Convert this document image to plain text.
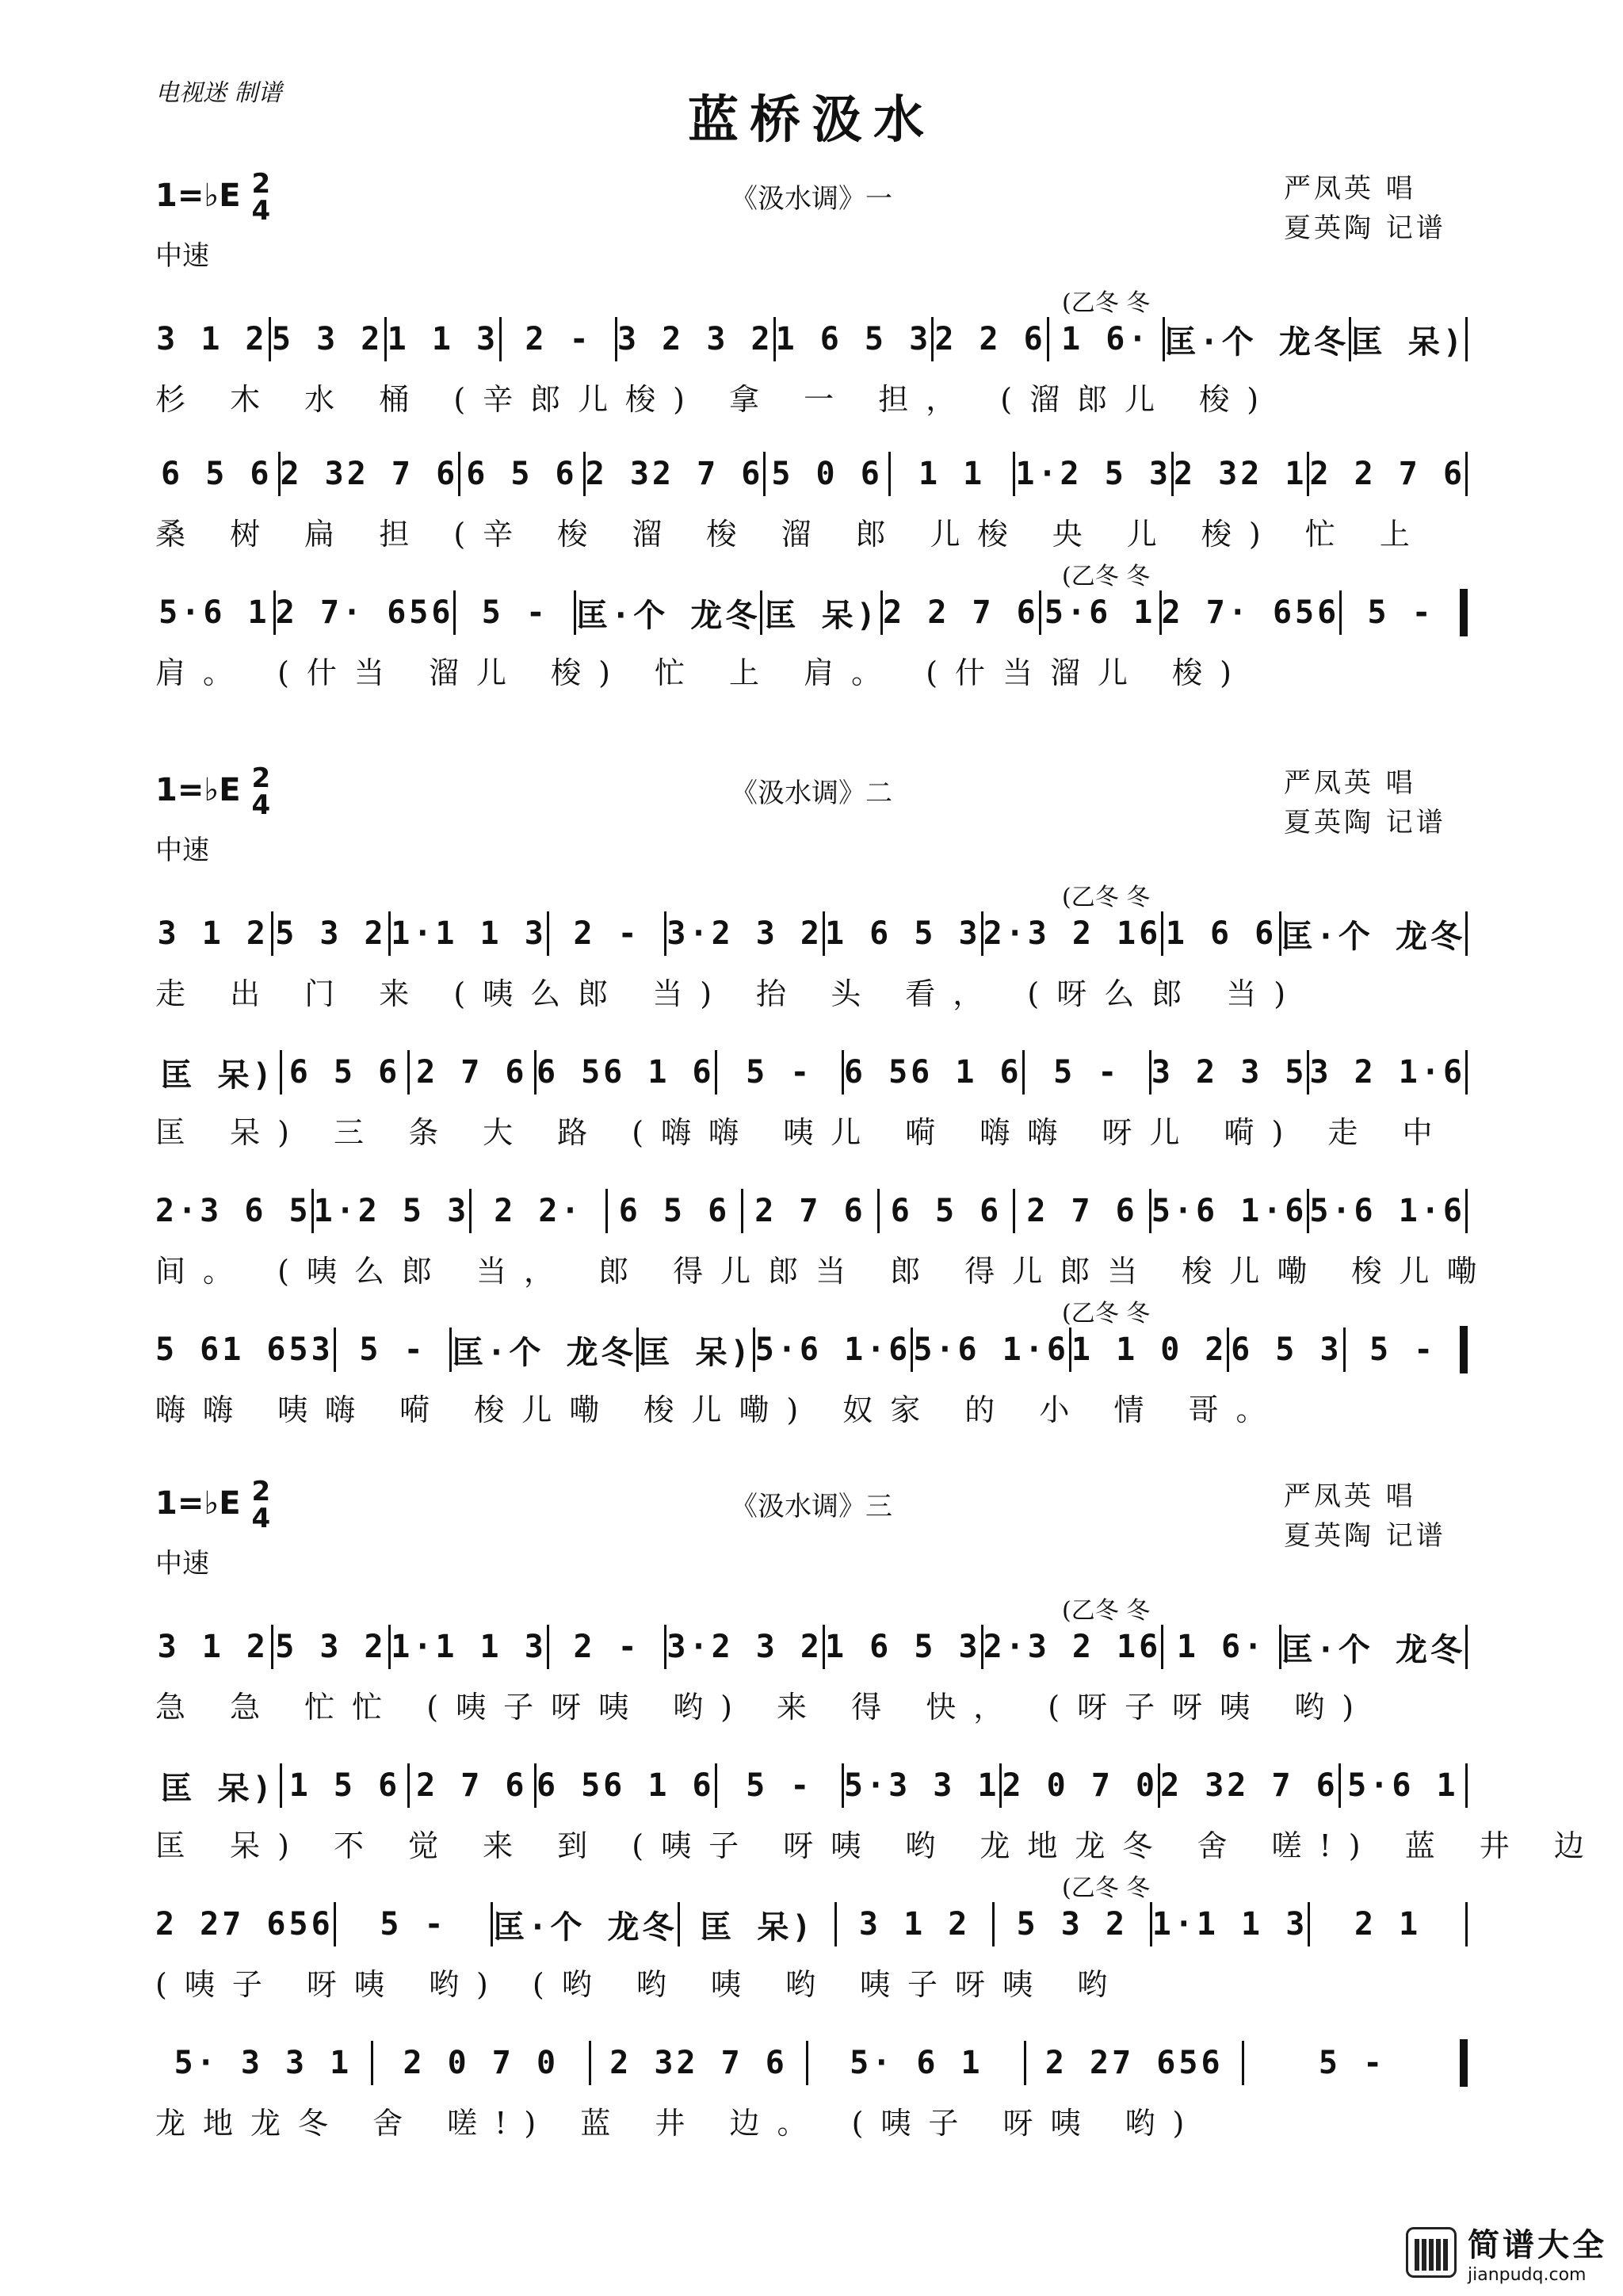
电视迷 制谱	蓝桥汲水
1=♭E 2
4	《汲水调》一	严凤英 唱
夏英陶 记谱
中速
(乙冬 冬
3 1 2 5 3 2 1 1 3 2 - 3 2 3 2 1 6 5 3 2 2 6 1 6· 匡·个 龙冬 匡 呆)
杉 木 水 桶 (辛郎儿梭) 拿 一 担， (溜郎儿 梭)
6 5 6 2 32 7 6 6 5 6 2 32 7 6 5 0 6	1 1 1·2 5 3 2 32 1 2 2 7 6
桑 树 扁 担 (辛 梭 溜 梭 溜 郎 儿梭 央 儿 梭) 忙 上
(乙冬 冬
5·6 1 2 7· 656 5 - 匡·个 龙冬 匡 呆) 2 2 7 6 5·6 1 2 7· 656 5 -
肩。 (什当 溜儿 梭) 忙 上 肩。 (什当溜儿 梭)
1=♭E 2
4	《汲水调》二	严凤英 唱
夏英陶 记谱
中速
(乙冬 冬
3 1 2 5 3 2 1·1 1 3 2 - 3·2 3 2 1 6 5 3 2·3 2 16 1 6 6 匡·个 龙冬
走 出 门 来 (咦么郎 当) 抬 头 看， (呀么郎 当)
匡 呆) 6 5 6 2 7 6 6 56 1 6 5 - 6 56 1 6 5 - 3 2 3 5 3 2 1·6
匡 呆) 三 条 大 路 (嗨嗨 咦儿 嗬 嗨嗨 呀儿 嗬) 走 中
2·3 6 5 1·2 5 3 2 2·	6 5 6 2 7 6 6 5 6 2 7 6 5·6 1·6 5·6 1·6
间。 (咦么郎 当， 郎 得儿郎当 郎 得儿郎当 梭儿嘞 梭儿嘞
(乙冬 冬
5 61 653 5 - 匡·个 龙冬 匡 呆) 5·6 1·6 5·6 1·6 1 1 0 2 6 5 3 5 -
嗨嗨 咦嗨 嗬 梭儿嘞 梭儿嘞) 奴家 的 小 情 哥。
1=♭E 2
4	《汲水调》三	严凤英 唱
夏英陶 记谱
中速
(乙冬 冬
3 1 2 5 3 2 1·1 1 3 2 - 3·2 3 2 1 6 5 3 2·3 2 16 1 6· 匡·个 龙冬
急 急 忙忙 (咦子呀咦 哟) 来 得 快， (呀子呀咦 哟)
匡 呆) 1 5 6 2 7 6 6 56 1 6 5 - 5·3 3 1 2 0 7 0 2 32 7 6 5·6 1
匡 呆) 不 觉 来 到 (咦子 呀咦 哟 龙地龙冬 舍 嗟!) 蓝 井 边
(乙冬 冬
2 27 656	5 -	匡·个 龙冬 匡 呆)	3 1 2	5 3 2 1·1 1 3	2 1
(咦子 呀咦 哟) (哟 哟 咦 哟 咦子呀咦 哟
5· 3 3 1	2 0 7 0	2 32 7 6	5· 6 1	2 27 656	5 -
龙地龙冬 舍 嗟!) 蓝 井 边。 (咦子 呀咦 哟)
简谱大全
jianpudq.com
